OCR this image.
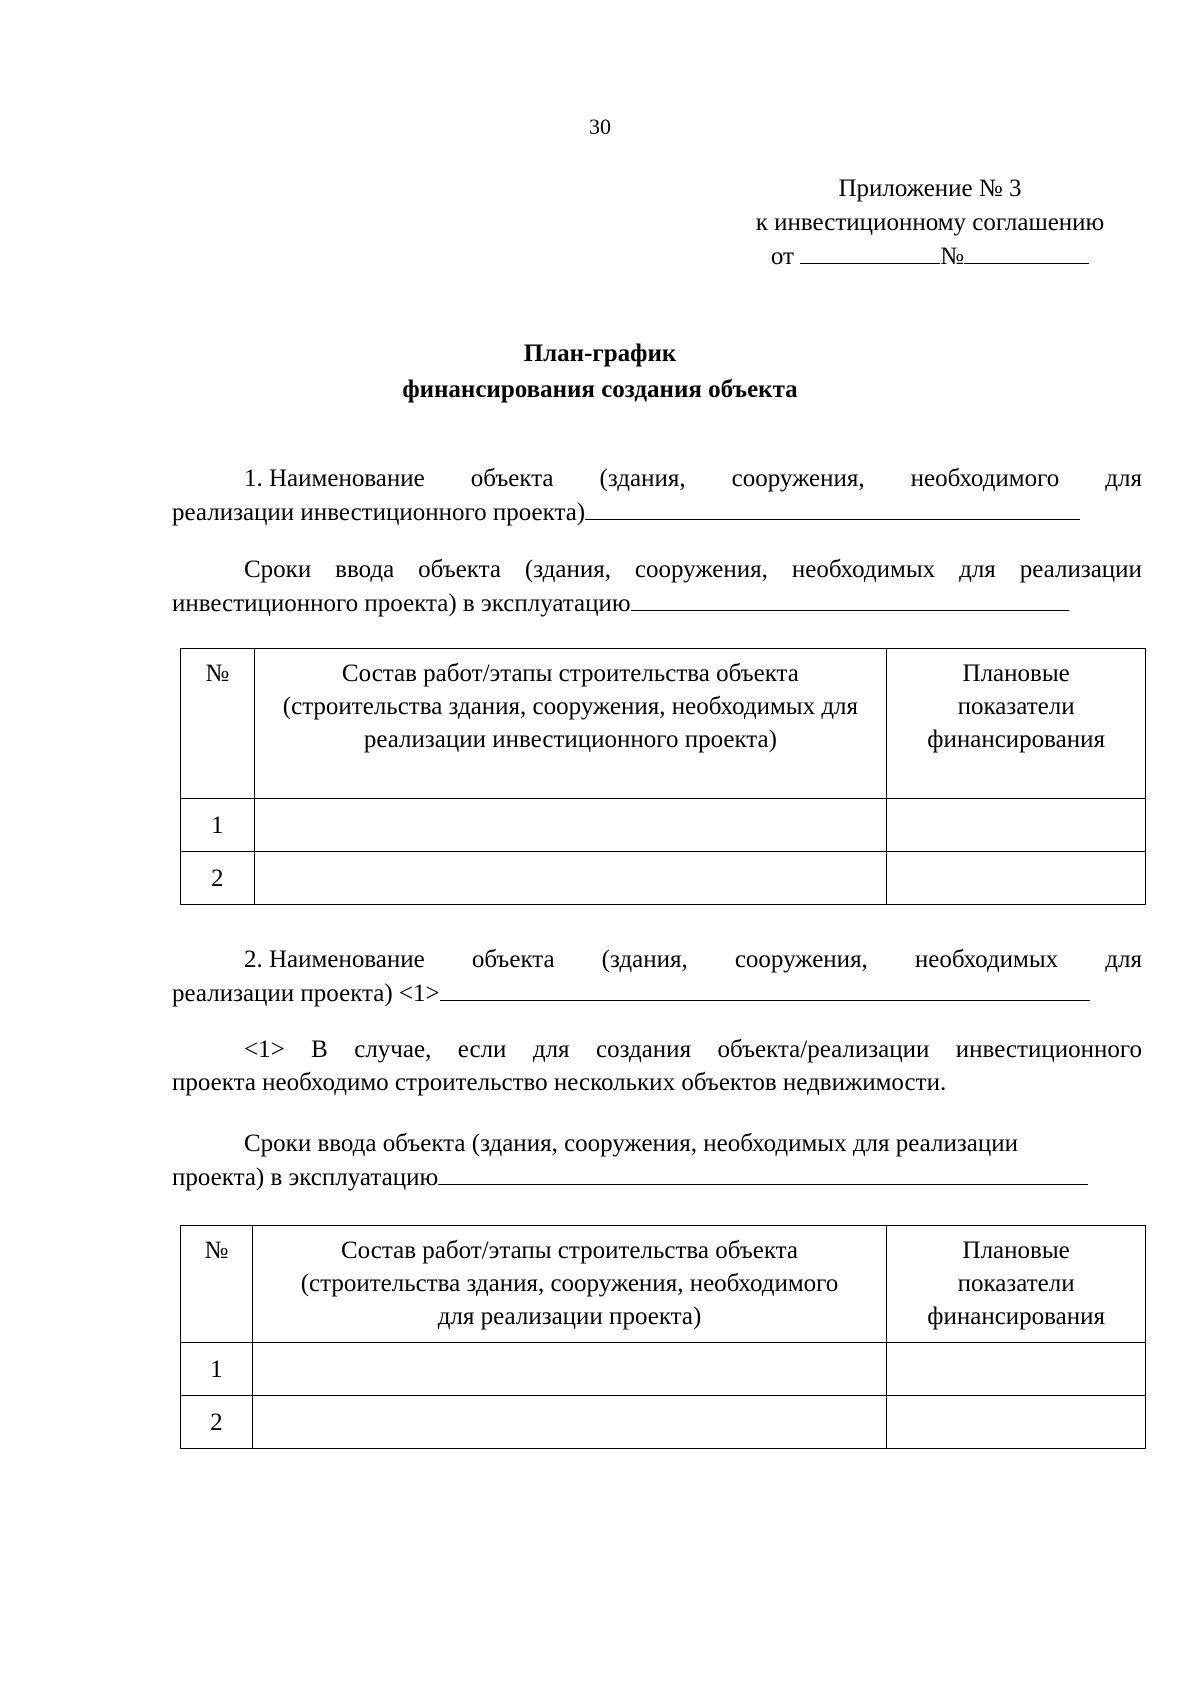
30
Приложение № 3
к инвестиционному соглашению
от	№
План-график
финансирования создания объекта
1. Наименование объекта (здания, сооружения, необходимого для
реализации инвестиционного проекта)
Сроки ввода объекта (здания, сооружения, необходимых для реализации
инвестиционного проекта) в эксплуатацию
№	Состав работ/этапы строительства объекта (строительства здания, сооружения, необходимых для реализации инвестиционного проекта)	Плановые показатели финансирования
1		
2		
2. Наименование объекта (здания, сооружения, необходимых для
реализации проекта) <1>
<1> В случае, если для создания объекта/реализации инвестиционного
проекта необходимо строительство нескольких объектов недвижимости.
Сроки ввода объекта (здания, сооружения, необходимых для реализации
проекта) в эксплуатацию
№	Состав работ/этапы строительства объекта (строительства здания, сооружения, необходимого для реализации проекта)	Плановые показатели финансирования
1		
2		
